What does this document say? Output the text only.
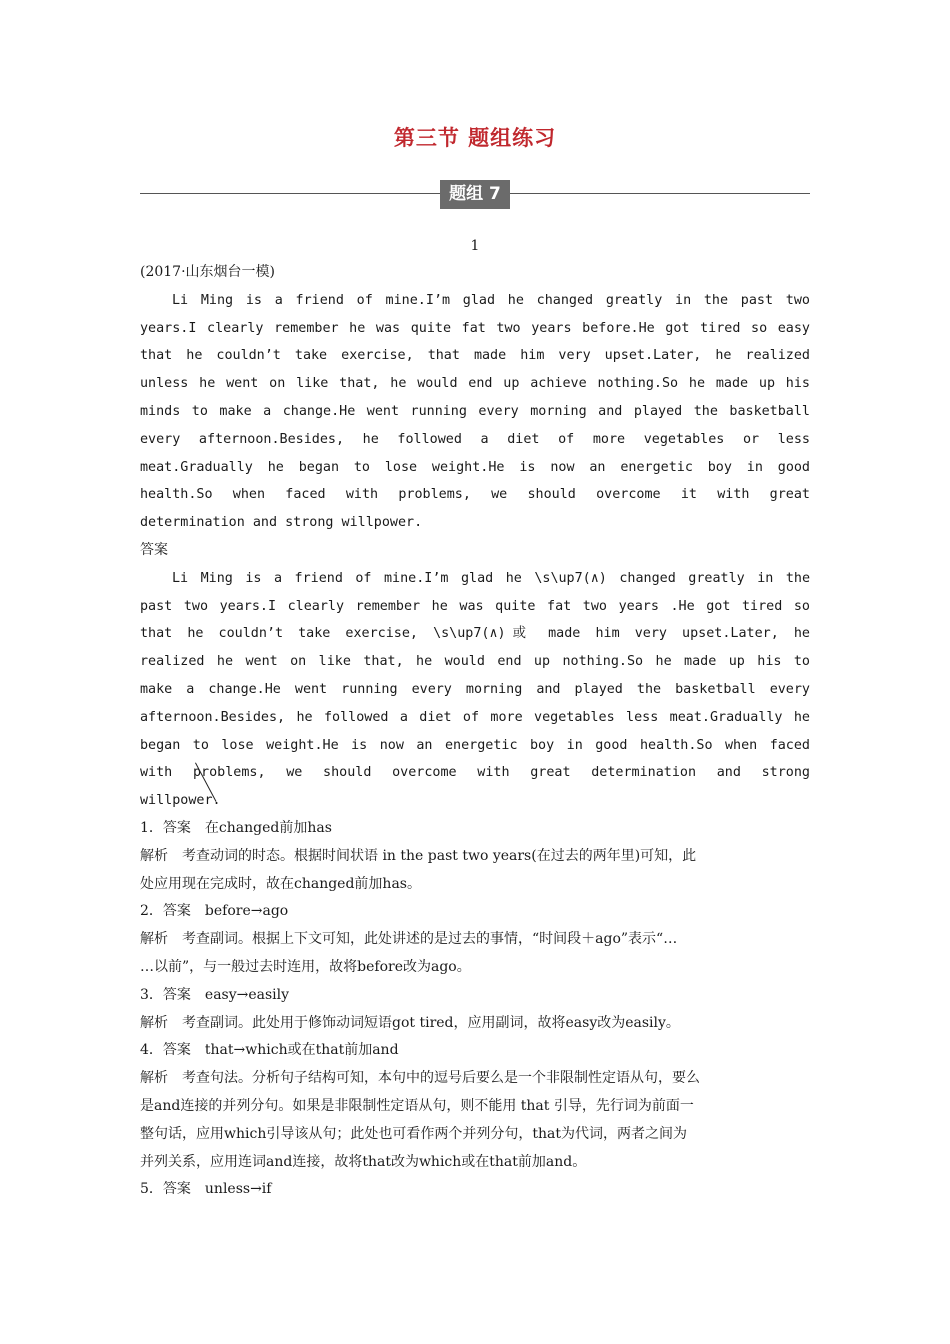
第三节 题组练习
题组 7
1
(2017·山东烟台一模)
Li Ming is a friend of mine.I’m glad he changed greatly in the past two
years.I clearly remember he was quite fat two years before.He got tired so easy
that he couldn’t take exercise, that made him very upset.Later, he realized
unless he went on like that, he would end up achieve nothing.So he made up his
minds to make a change.He went running every morning and played the basketball
every afternoon.Besides, he followed a diet of more vegetables or less
meat.Gradually he began to lose weight.He is now an energetic boy in good
health.So when faced with problems, we should overcome it with great
determination and strong willpower.
答案
Li Ming is a friend of mine.I’m glad he \s\up7(∧) changed greatly in the
past two years.I clearly remember he was quite fat two years .He got tired so
that he couldn’t take exercise, \s\up7(∧)或 made him very upset.Later, he
realized he went on like that, he would end up nothing.So he made up his to
make a change.He went running every morning and played the basketball every
afternoon.Besides, he followed a diet of more vegetables less meat.Gradually he
began to lose weight.He is now an energetic boy in good health.So when faced
with problems, we should overcome with great determination and strong
willpower.
1．答案　在changed前加has
解析　考查动词的时态。根据时间状语 in the past two years(在过去的两年里)可知，此
处应用现在完成时，故在changed前加has。
2．答案　before→ago
解析　考查副词。根据上下文可知，此处讲述的是过去的事情，“时间段＋ago”表示“…
…以前”，与一般过去时连用，故将before改为ago。
3．答案　easy→easily
解析　考查副词。此处用于修饰动词短语got tired，应用副词，故将easy改为easily。
4．答案　that→which或在that前加and
解析　考查句法。分析句子结构可知，本句中的逗号后要么是一个非限制性定语从句，要么
是and连接的并列分句。如果是非限制性定语从句，则不能用 that 引导，先行词为前面一
整句话，应用which引导该从句；此处也可看作两个并列分句，that为代词，两者之间为
并列关系，应用连词and连接，故将that改为which或在that前加and。
5．答案　unless→if
